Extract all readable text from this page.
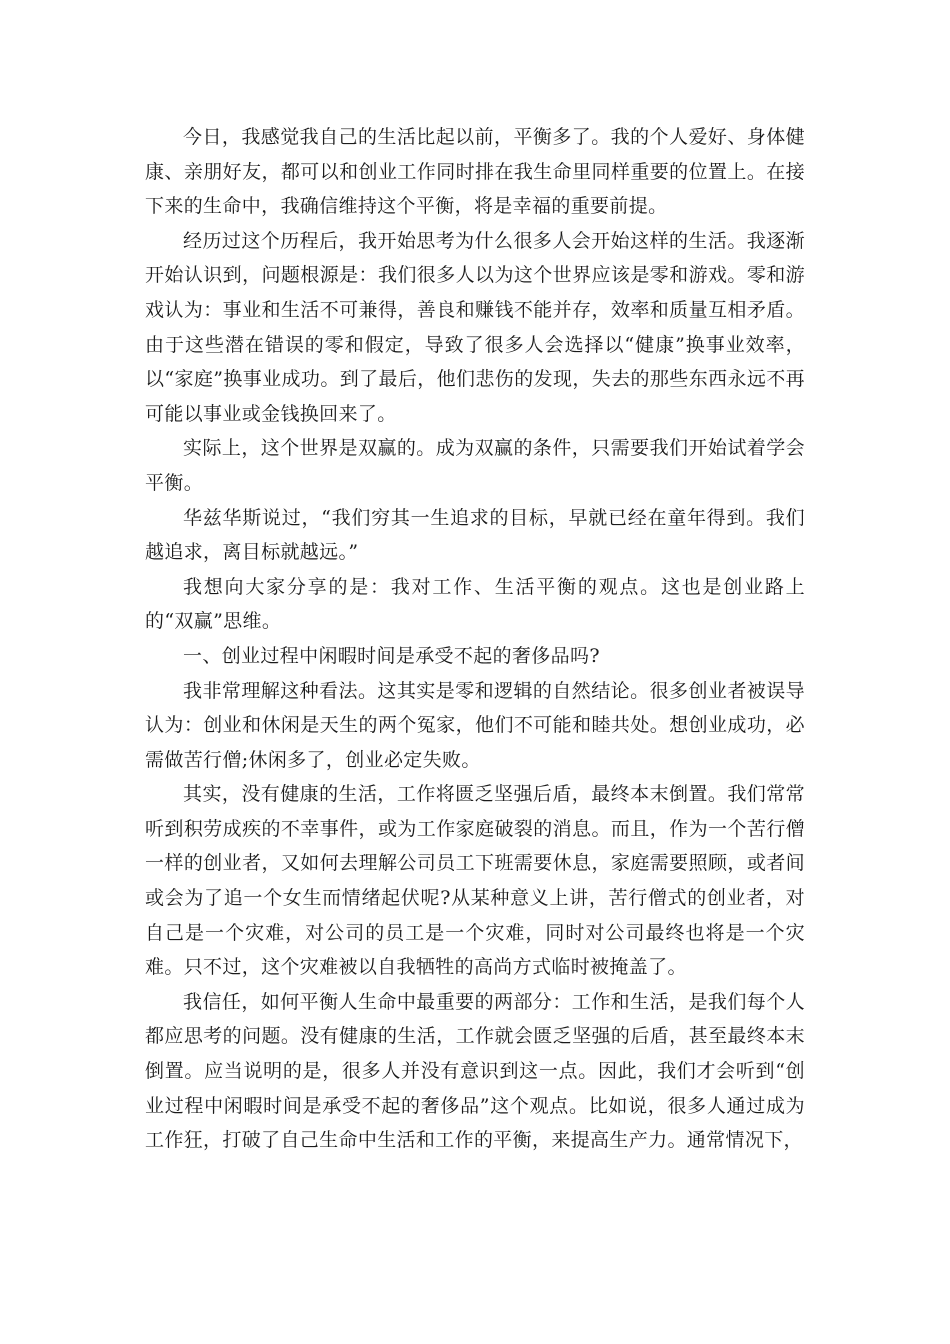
今日，我感觉我自己的生活比起以前，平衡多了。我的个人爱好、身体健康、亲朋好友，都可以和创业工作同时排在我生命里同样重要的位置上。在接下来的生命中，我确信维持这个平衡，将是幸福的重要前提。

经历过这个历程后，我开始思考为什么很多人会开始这样的生活。我逐渐开始认识到，问题根源是：我们很多人以为这个世界应该是零和游戏。零和游戏认为：事业和生活不可兼得，善良和赚钱不能并存，效率和质量互相矛盾。由于这些潜在错误的零和假定，导致了很多人会选择以“健康”换事业效率，以“家庭”换事业成功。到了最后，他们悲伤的发现，失去的那些东西永远不再可能以事业或金钱换回来了。

实际上，这个世界是双赢的。成为双赢的条件，只需要我们开始试着学会平衡。

华兹华斯说过，“我们穷其一生追求的目标，早就已经在童年得到。我们越追求，离目标就越远。”

我想向大家分享的是：我对工作、生活平衡的观点。这也是创业路上的“双赢”思维。

一、创业过程中闲暇时间是承受不起的奢侈品吗?

我非常理解这种看法。这其实是零和逻辑的自然结论。很多创业者被误导认为：创业和休闲是天生的两个冤家，他们不可能和睦共处。想创业成功，必需做苦行僧;休闲多了，创业必定失败。

其实，没有健康的生活，工作将匮乏坚强后盾，最终本末倒置。我们常常听到积劳成疾的不幸事件，或为工作家庭破裂的消息。而且，作为一个苦行僧一样的创业者，又如何去理解公司员工下班需要休息，家庭需要照顾，或者间或会为了追一个女生而情绪起伏呢?从某种意义上讲，苦行僧式的创业者，对自己是一个灾难，对公司的员工是一个灾难，同时对公司最终也将是一个灾难。只不过，这个灾难被以自我牺牲的高尚方式临时被掩盖了。

我信任，如何平衡人生命中最重要的两部分：工作和生活，是我们每个人都应思考的问题。没有健康的生活，工作就会匮乏坚强的后盾，甚至最终本末倒置。应当说明的是，很多人并没有意识到这一点。因此，我们才会听到“创业过程中闲暇时间是承受不起的奢侈品”这个观点。比如说，很多人通过成为工作狂，打破了自己生命中生活和工作的平衡，来提高生产力。通常情况下，
